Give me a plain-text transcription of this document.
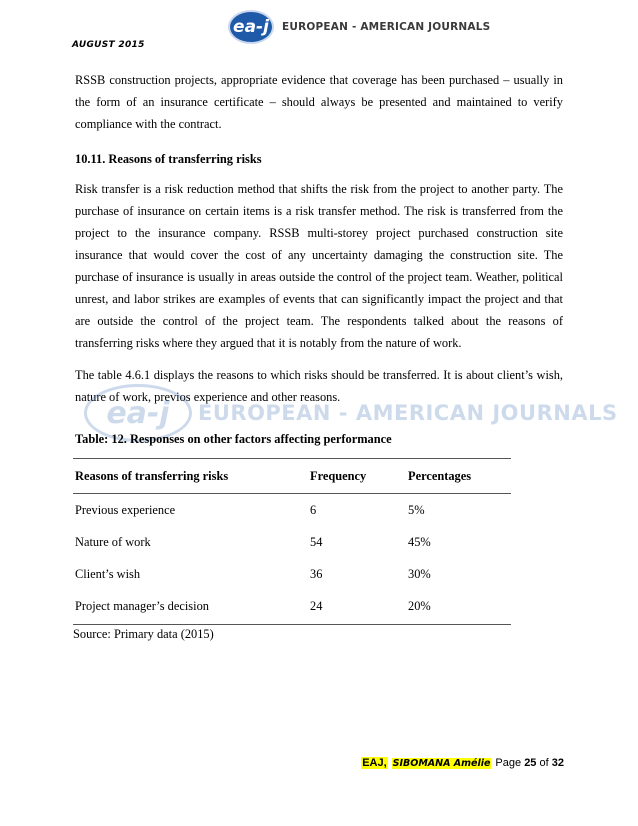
AUGUST 2015
ea-j	EUROPEAN - AMERICAN JOURNALS
RSSB construction projects, appropriate evidence that coverage has been purchased – usually in the form of an insurance certificate – should always be presented and maintained to verify compliance with the contract.
10.11. Reasons of transferring risks
Risk transfer is a risk reduction method that shifts the risk from the project to another party. The purchase of insurance on certain items is a risk transfer method. The risk is transferred from the project to the insurance company. RSSB multi-storey project purchased construction site insurance that would cover the cost of any uncertainty damaging the construction site. The purchase of insurance is usually in areas outside the control of the project team. Weather, political unrest, and labor strikes are examples of events that can significantly impact the project and that are outside the control of the project team. The respondents talked about the reasons of transferring risks where they argued that it is notably from the nature of work.
The table 4.6.1 displays the reasons to which risks should be transferred. It is about client’s wish, nature of work, previos experience and other reasons.
ea-j	EUROPEAN - AMERICAN JOURNALS
Table: 12. Responses on other factors affecting performance
Reasons of transferring risks	Frequency	Percentages
Previous experience	6	5%
Nature of work	54	45%
Client’s wish	36	30%
Project manager’s decision	24	20%
Source: Primary data (2015)
EAJ, SIBOMANA Amélie Page
25
of
32
